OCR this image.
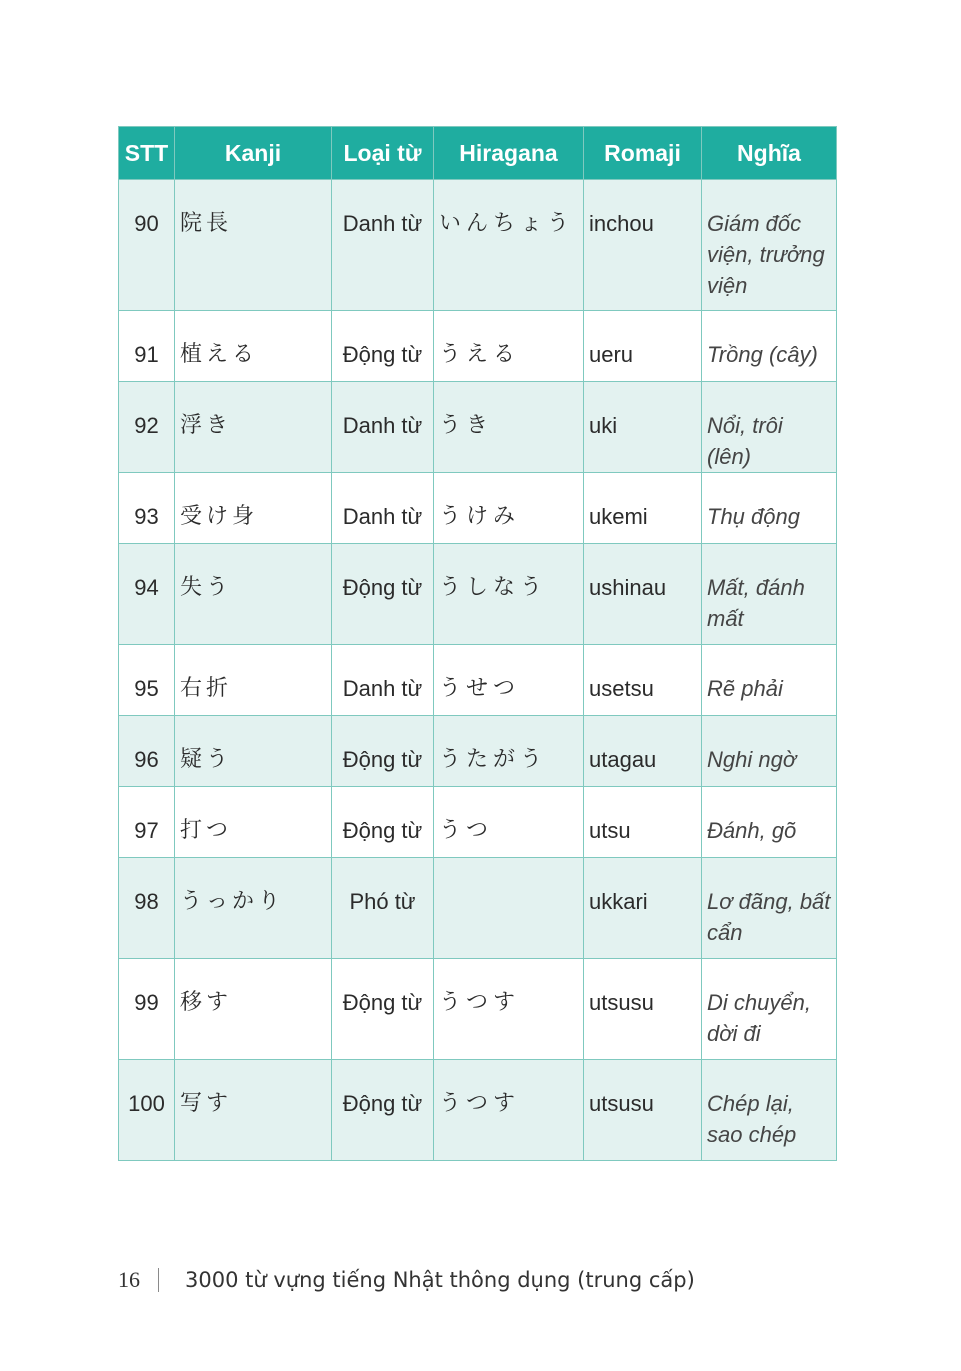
STT	Kanji	Loại từ	Hiragana	Romaji	Nghĩa
90	院長	Danh từ	いんちょう	inchou	Giám đốc viện, trưởng viện
91	植える	Động từ	うえる	ueru	Trồng (cây)
92	浮き	Danh từ	うき	uki	Nổi, trôi (lên)
93	受け身	Danh từ	うけみ	ukemi	Thụ động
94	失う	Động từ	うしなう	ushinau	Mất, đánh mất
95	右折	Danh từ	うせつ	usetsu	Rẽ phải
96	疑う	Động từ	うたがう	utagau	Nghi ngờ
97	打つ	Động từ	うつ	utsu	Đánh, gõ
98	うっかり	Phó từ		ukkari	Lơ đãng, bất cẩn
99	移す	Động từ	うつす	utsusu	Di chuyển, dời đi
100	写す	Động từ	うつす	utsusu	Chép lại, sao chép
16	3000 từ vựng tiếng Nhật thông dụng (trung cấp)
